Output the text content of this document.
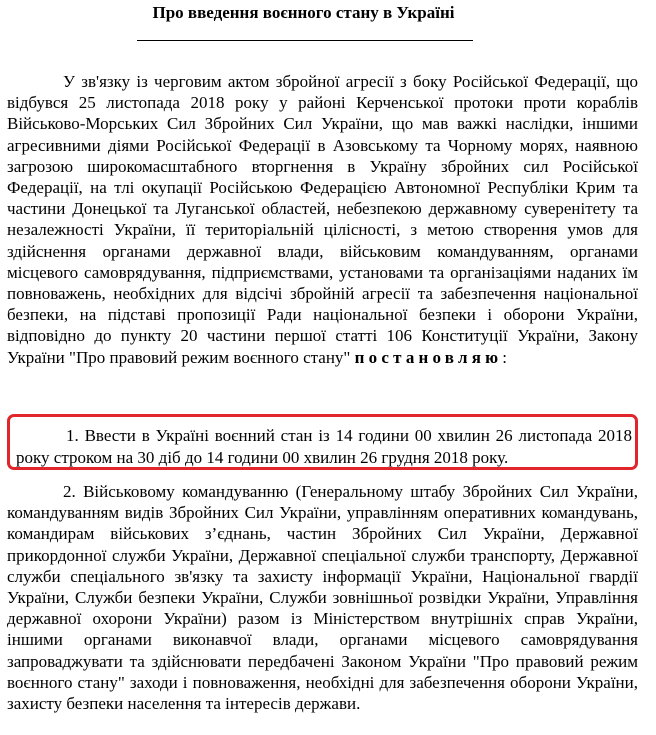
Про введення воєнного стану в Україні

У зв'язку із черговим актом збройної агресії з боку Російської Федерації, що відбувся 25 листопада 2018 року у районі Керченської протоки проти кораблів Військово-Морських Сил Збройних Сил України, що мав важкі наслідки, іншими агресивними діями Російської Федерації в Азовському та Чорному морях, наявною загрозою широкомасштабного вторгнення в Україну збройних сил Російської Федерації, на тлі окупації Російською Федерацією Автономної Республіки Крим та частини Донецької та Луганської областей, небезпекою державному суверенітету та незалежності України, її територіальній цілісності, з метою створення умов для здійснення органами державної влади, військовим командуванням, органами місцевого самоврядування, підприємствами, установами та організаціями наданих їм повноважень, необхідних для відсічі збройній агресії та забезпечення національної безпеки, на підставі пропозиції Ради національної безпеки і оборони України, відповідно до пункту 20 частини першої статті 106 Конституції України, Закону України "Про правовий режим воєнного стану" постановляю:

1. Ввести в Україні воєнний стан із 14 години 00 хвилин 26 листопада 2018 року строком на 30 діб до 14 години 00 хвилин 26 грудня 2018 року.

2. Військовому командуванню (Генеральному штабу Збройних Сил України, командуванням видів Збройних Сил України, управлінням оперативних командувань, командирам військових з’єднань, частин Збройних Сил України, Державної прикордонної служби України, Державної спеціальної служби транспорту, Державної служби спеціального зв'язку та захисту інформації України, Національної гвардії України, Служби безпеки України, Служби зовнішньої розвідки України, Управління державної охорони України) разом із Міністерством внутрішніх справ України, іншими органами виконавчої влади, органами місцевого самоврядування запроваджувати та здійснювати передбачені Законом України "Про правовий режим воєнного стану" заходи і повноваження, необхідні для забезпечення оборони України, захисту безпеки населення та інтересів держави.
